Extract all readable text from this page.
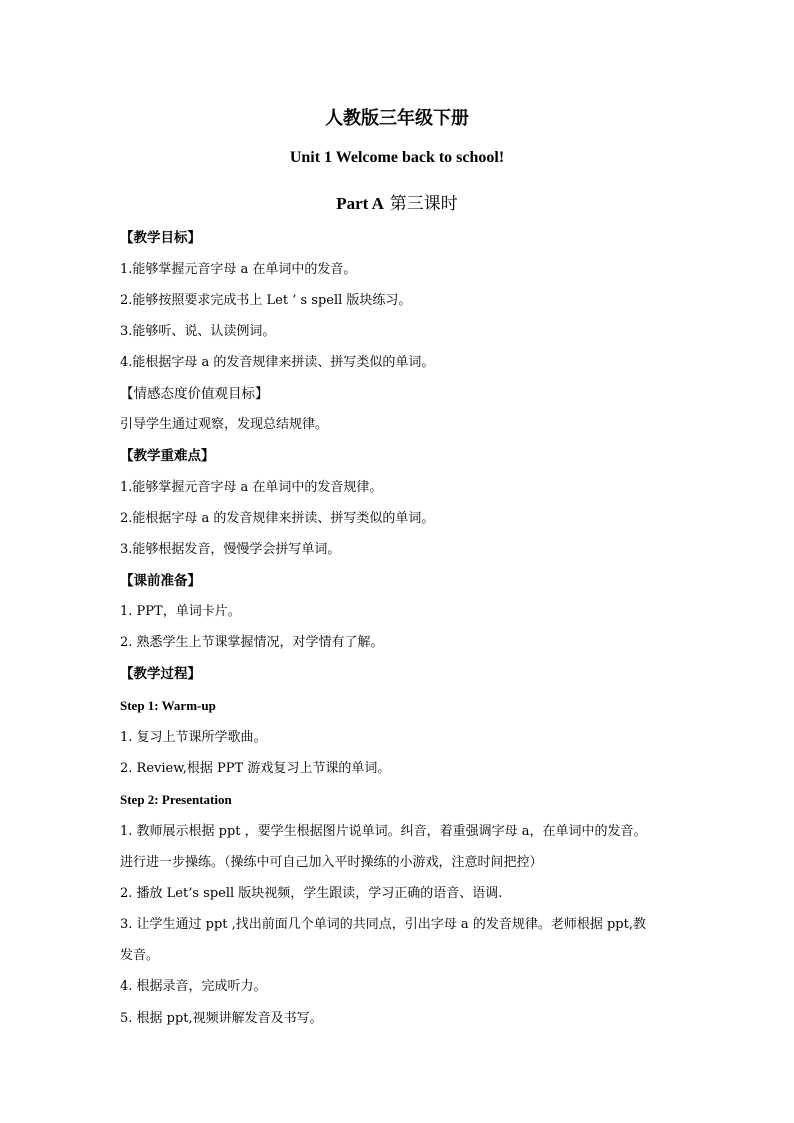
人教版三年级下册
Unit 1 Welcome back to school!
Part A 第三课时
【教学目标】
1.能够掌握元音字母 a 在单词中的发音。
2.能够按照要求完成书上 Let ’ s spell 版块练习。
3.能够听、说、认读例词。
4.能根据字母 a 的发音规律来拼读、拼写类似的单词。
【情感态度价值观目标】
引导学生通过观察，发现总结规律。
【教学重难点】
1.能够掌握元音字母 a 在单词中的发音规律。
2.能根据字母 a 的发音规律来拼读、拼写类似的单词。
3.能够根据发音，慢慢学会拼写单词。
【课前准备】
1. PPT，单词卡片。
2. 熟悉学生上节课掌握情况，对学情有了解。
【教学过程】
Step 1: Warm-up
1. 复习上节课所学歌曲。
2. Review,根据 PPT 游戏复习上节课的单词。
Step 2: Presentation
1. 教师展示根据 ppt ，要学生根据图片说单词。纠音，着重强调字母 a，在单词中的发音。
进行进一步操练。（操练中可自己加入平时操练的小游戏，注意时间把控）
2. 播放 Let’s spell 版块视频，学生跟读，学习正确的语音、语调.
3. 让学生通过 ppt ,找出前面几个单词的共同点，引出字母 a 的发音规律。老师根据 ppt,教
发音。
4. 根据录音，完成听力。
5. 根据 ppt,视频讲解发音及书写。
